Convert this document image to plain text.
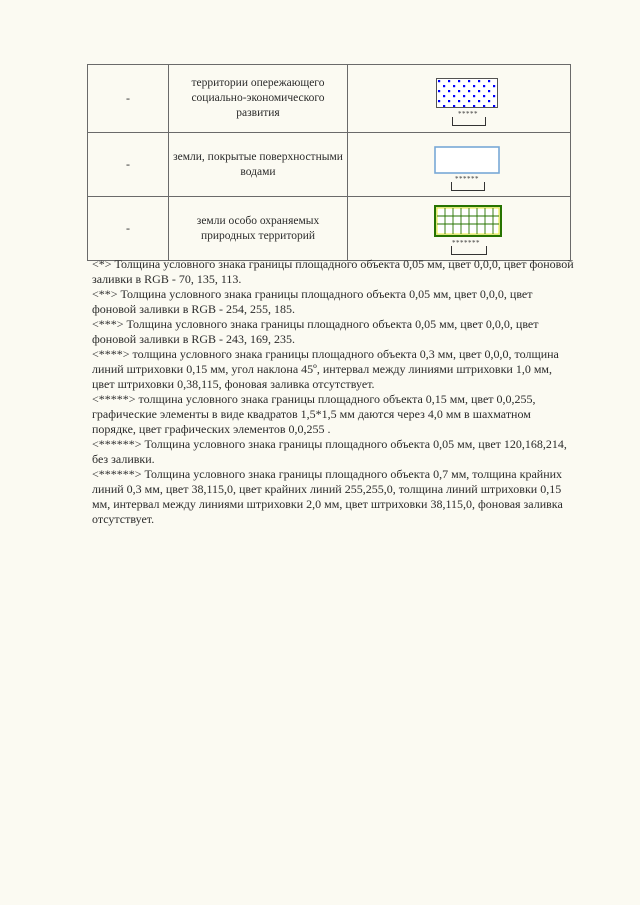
-	территории опережающего социально-экономического развития	*****

-	земли, покрытые поверхностными водами	******

-	земли особо охраняемых природных территорий	*******

<*> Толщина условного знака границы площадного объекта 0,05 мм, цвет 0,0,0, цвет фоновой заливки в RGB - 70, 135, 113.

<**> Толщина условного знака границы площадного объекта 0,05 мм, цвет 0,0,0, цвет фоновой заливки в RGB - 254, 255, 185.

<***> Толщина условного знака границы площадного объекта 0,05 мм, цвет 0,0,0, цвет фоновой заливки в RGB - 243, 169, 235.

<****> толщина условного знака границы площадного объекта 0,3 мм, цвет 0,0,0, толщина линий штриховки 0,15 мм, угол наклона 45º, интервал между линиями штриховки 1,0 мм, цвет штриховки 0,38,115, фоновая заливка отсутствует.

<*****> толщина условного знака границы площадного объекта 0,15 мм, цвет 0,0,255, графические элементы в виде квадратов 1,5*1,5 мм даются через 4,0 мм в шахматном порядке, цвет графических элементов 0,0,255 .

<******> Толщина условного знака границы площадного объекта 0,05 мм, цвет 120,168,214, без заливки.

<******> Толщина условного знака границы площадного объекта 0,7 мм, толщина крайних линий 0,3 мм, цвет 38,115,0, цвет крайних линий 255,255,0, толщина линий штриховки 0,15 мм, интервал между линиями штриховки 2,0 мм, цвет штриховки 38,115,0, фоновая заливка отсутствует.
